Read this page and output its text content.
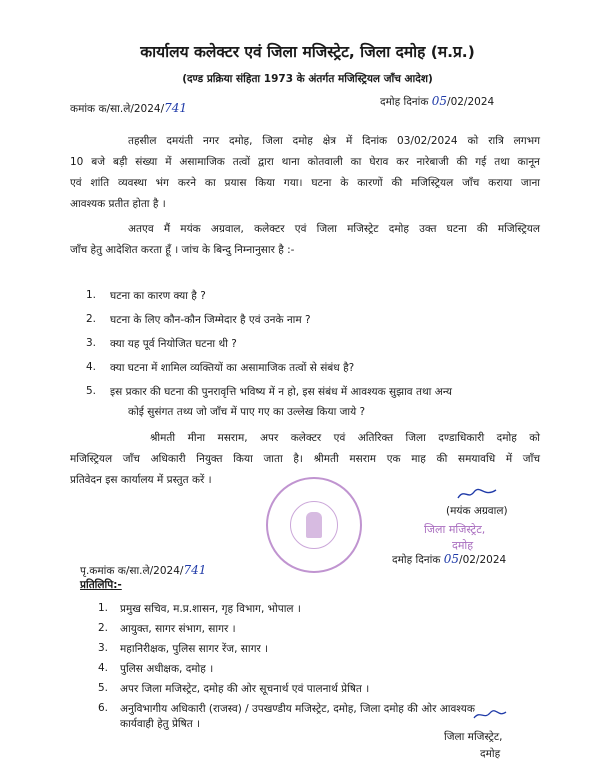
कार्यालय कलेक्टर एवं जिला मजिस्ट्रेट, जिला दमोह (म.प्र.)
(दण्ड प्रक्रिया संहिता 1973 के अंतर्गत मजिस्ट्रियल जाँच आदेश)
कमांक क/सा.ले/2024/741	दमोह दिनांक 05/02/2024
तहसील दमयंती नगर दमोह, जिला दमोह क्षेत्र में दिनांक 03/02/2024 को रात्रि लगभग
10 बजे बड़ी संख्या में असामाजिक तत्वों द्वारा थाना कोतवाली का घेराव कर नारेबाजी की गई तथा कानून
एवं शांति व्यवस्था भंग करने का प्रयास किया गया। घटना के कारणों की मजिस्ट्रियल जाँच कराया जाना
आवश्यक प्रतीत होता है ।
अतएव मैं मयंक अग्रवाल, कलेक्टर एवं जिला मजिस्ट्रेट दमोह उक्त घटना की मजिस्ट्रियल
जाँच हेतु आदेशित करता हूँ । जांच के बिन्दु निम्नानुसार है :-
1.	घटना का कारण क्या है ?
2.	घटना के लिए कौन-कौन जिम्मेदार है एवं उनके नाम ?
3.	क्या यह पूर्व नियोजित घटना थी ?
4.	क्या घटना में शामिल व्यक्तियों का असामाजिक तत्वों से संबंध है?
5.	इस प्रकार की घटना की पुनरावृत्ति भविष्य में न हो, इस संबंध में आवश्यक सुझाव तथा अन्य
कोई सुसंगत तथ्य जो जाँच में पाए गए का उल्लेख किया जाये ?
श्रीमती मीना मसराम, अपर कलेक्टर एवं अतिरिक्त जिला दण्डाधिकारी दमोह को
मजिस्ट्रियल जाँच अधिकारी नियुक्त किया जाता है। श्रीमती मसराम एक माह की समयावधि में जाँच
प्रतिवेदन इस कार्यालय में प्रस्तुत करें ।
(मयंक अग्रवाल)
जिला मजिस्ट्रेट,
दमोह
पृ.कमांक क/सा.ले/2024/741
दमोह दिनांक 05/02/2024
प्रतिलिपि:-
1.	प्रमुख सचिव, म.प्र.शासन, गृह विभाग, भोपाल ।
2.	आयुक्त, सागर संभाग, सागर ।
3.	महानिरीक्षक, पुलिस सागर रेंज, सागर ।
4.	पुलिस अधीक्षक, दमोह ।
5.	अपर जिला मजिस्ट्रेट, दमोह की ओर सूचनार्थ एवं पालनार्थ प्रेषित ।
6.	अनुविभागीय अधिकारी (राजस्व) / उपखण्डीय मजिस्ट्रेट, दमोह, जिला दमोह की ओर आवश्यक
कार्यवाही हेतु प्रेषित ।
जिला मजिस्ट्रेट,
दमोह
